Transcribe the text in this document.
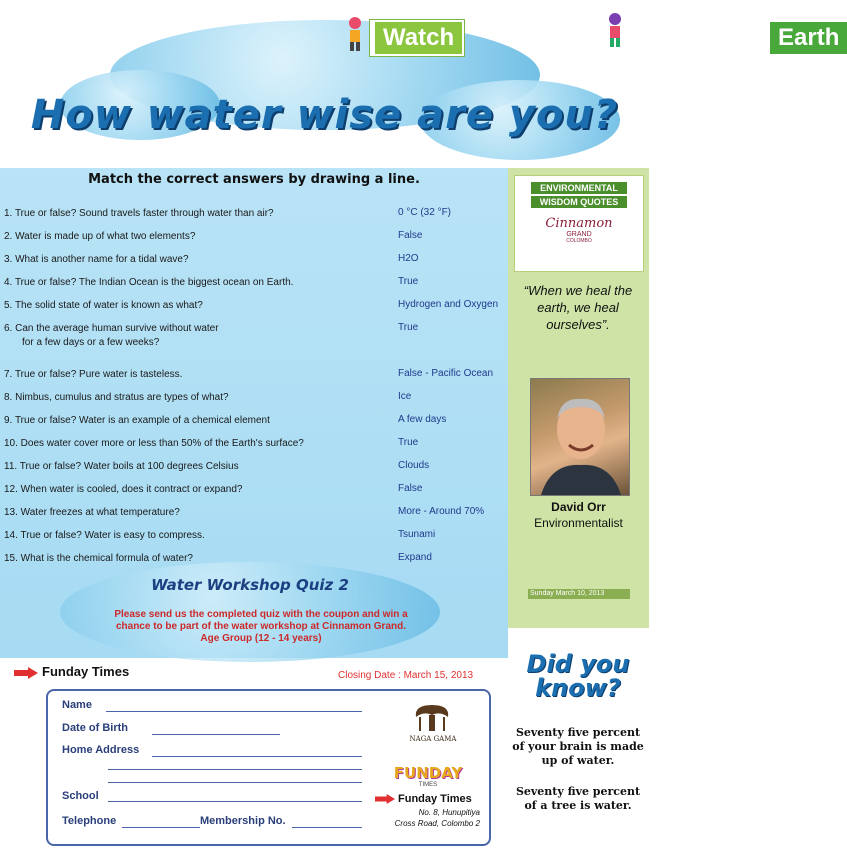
Earth
Watch
How water wise are you?
Match the correct answers by drawing a line.
1. True or false? Sound travels faster through water than air?
2. Water is made up of what two elements?
3. What is another name for a tidal wave?
4. True or false? The Indian Ocean is the biggest ocean on Earth.
5. The solid state of water is known as what?
6. Can the average human survive without water
for a few days or a few weeks?
7. True or false? Pure water is tasteless.
8. Nimbus, cumulus and stratus are types of what?
9. True or false? Water is an example of a chemical element
10. Does water cover more or less than 50% of the Earth's surface?
11. True or false? Water boils at 100 degrees Celsius
12. When water is cooled, does it contract or expand?
13. Water freezes at what temperature?
14. True or false? Water is easy to compress.
15. What is the chemical formula of water?
0 °C (32 °F)
False
H2O
True
Hydrogen and Oxygen
True
False - Pacific Ocean
Ice
A few days
True
Clouds
False
More - Around 70%
Tsunami
Expand
ENVIRONMENTAL
WISDOM QUOTES
Cinnamon
GRAND
COLOMBO
“When we heal the earth, we heal ourselves”.
David Orr
Environmentalist
Sunday March 10, 2013
Water Workshop Quiz 2
Please send us the completed quiz with the coupon and win a chance to be part of the water workshop at Cinnamon Grand. Age Group (12 - 14 years)
Funday Times	Closing Date : March 15, 2013
Name
Date of Birth
Home Address
School
Telephone	Membership No.
NAGA GAMA
FUNDAY
TIMES
Funday Times
No. 8, Hunupitiya
Cross Road, Colombo 2
Did you
know?
Seventy five percent of your brain is made up of water.
Seventy five percent of a tree is water.
